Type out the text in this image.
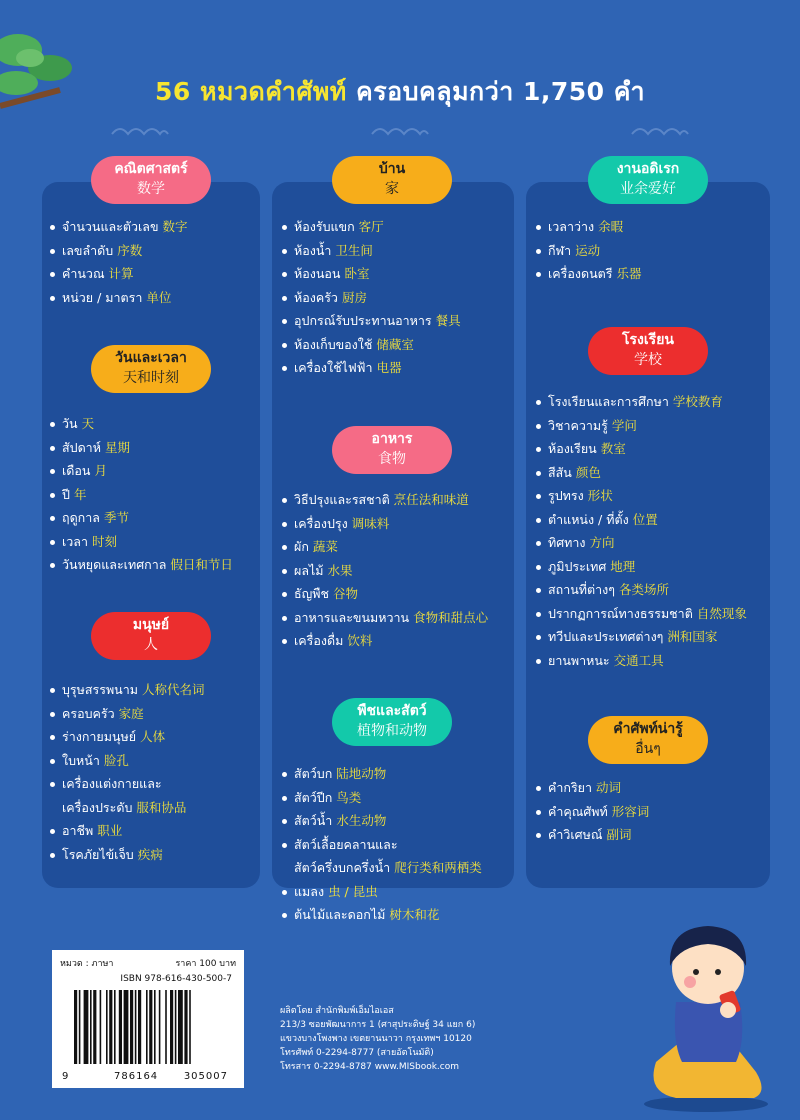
56 หมวดคำศัพท์ ครอบคลุมกว่า 1,750 คำ
คณิตศาสตร์
数学
จำนวนและตัวเลข 数字
เลขลำดับ 序数
คำนวณ 计算
หน่วย / มาตรา 单位
วันและเวลา
天和时刻
วัน 天
สัปดาห์ 星期
เดือน 月
ปี 年
ฤดูกาล 季节
เวลา 时刻
วันหยุดและเทศกาล 假日和节日
มนุษย์
人
บุรุษสรรพนาม 人称代名词
ครอบครัว 家庭
ร่างกายมนุษย์ 人体
ใบหน้า 脸孔
เครื่องแต่งกายและ
เครื่องประดับ 服和协品
อาชีพ 职业
โรคภัยไข้เจ็บ 疾病
บ้าน
家
ห้องรับแขก 客厅
ห้องน้ำ 卫生间
ห้องนอน 卧室
ห้องครัว 厨房
อุปกรณ์รับประทานอาหาร 餐具
ห้องเก็บของใช้ 储藏室
เครื่องใช้ไฟฟ้า 电器
อาหาร
食物
วิธีปรุงและรสชาติ 烹任法和味道
เครื่องปรุง 调味料
ผัก 蔬菜
ผลไม้ 水果
ธัญพืช 谷物
อาหารและขนมหวาน 食物和甜点心
เครื่องดื่ม 饮料
พืชและสัตว์
植物和动物
สัตว์บก 陆地动物
สัตว์ปีก 鸟类
สัตว์น้ำ 水生动物
สัตว์เลื้อยคลานและ
สัตว์ครึ่งบกครึ่งน้ำ 爬行类和两栖类
แมลง 虫 / 昆虫
ต้นไม้และดอกไม้ 树木和花
งานอดิเรก
业余爱好
เวลาว่าง 余暇
กีฬา 运动
เครื่องดนตรี 乐器
โรงเรียน
学校
โรงเรียนและการศึกษา 学校教育
วิชาความรู้ 学问
ห้องเรียน 教室
สีสัน 颜色
รูปทรง 形状
ตำแหน่ง / ที่ตั้ง 位置
ทิศทาง 方向
ภูมิประเทศ 地理
สถานที่ต่างๆ 各类场所
ปรากฏการณ์ทางธรรมชาติ 自然现象
ทวีปและประเทศต่างๆ 洲和国家
ยานพาหนะ 交通工具
คำศัพท์น่ารู้
อื่นๆ
คำกริยา 动词
คำคุณศัพท์ 形容词
คำวิเศษณ์ 副词
หมวด : ภาษา	ราคา 100 บาท
ISBN 978-616-430-500-7
9	786164	305007
ผลิตโดย สำนักพิมพ์เอ็มไอเอส
213/3 ซอยพัฒนาการ 1 (ศาสุประดิษฐ์ 34 แยก 6)
แขวงบางโพงพาง เขตยานนาวา กรุงเทพฯ 10120
โทรศัพท์ 0-2294-8777 (สายอัตโนมัติ)
โทรสาร 0-2294-8787 www.MISbook.com
